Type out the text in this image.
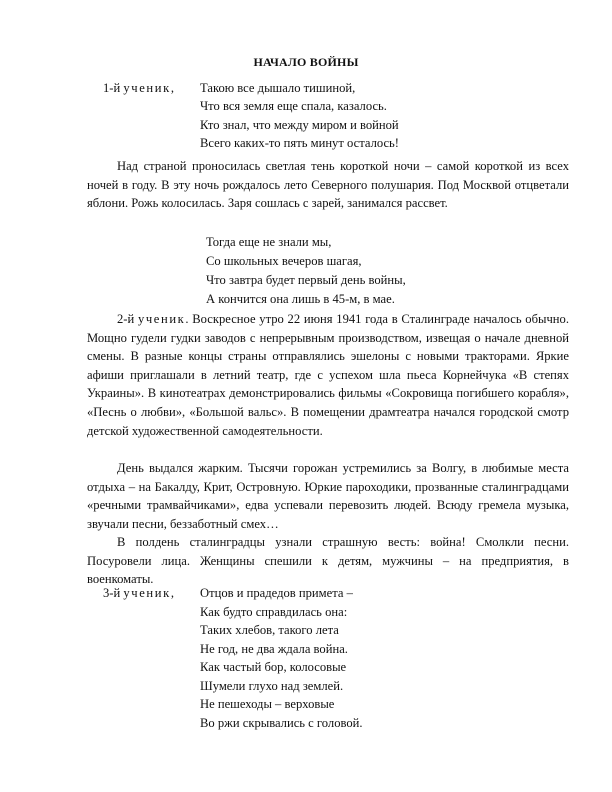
НАЧАЛО ВОЙНЫ
1-й ученик, Такою все дышало тишиной,
Что вся земля еще спала, казалось.
Кто знал, что между миром и войной
Всего каких-то пять минут осталось!

Над страной проносилась светлая тень короткой ночи – самой короткой из всех ночей в году. В эту ночь рождалось лето Северного полушария. Под Москвой отцветали яблони. Рожь колосилась. Заря сошлась с зарей, занимался рассвет.

Тогда еще не знали мы,
Со школьных вечеров шагая,
Что завтра будет первый день войны,
А кончится она лишь в 45-м, в мае.

2-й ученик. Воскресное утро 22 июня 1941 года в Сталинграде началось обычно. Мощно гудели гудки заводов с непрерывным производством, извещая о начале дневной смены. В разные концы страны отправлялись эшелоны с новыми тракторами. Яркие афиши приглашали в летний театр, где с успехом шла пьеса Корнейчука «В степях Украины». В кинотеатрах демонстрировались фильмы «Сокровища погибшего корабля», «Песнь о любви», «Большой вальс». В помещении драмтеатра начался городской смотр детской художественной самодеятельности.

День выдался жарким. Тысячи горожан устремились за Волгу, в любимые места отдыха – на Бакалду, Крит, Островную. Юркие пароходики, прозванные сталинградцами «речными трамвайчиками», едва успевали перевозить людей. Всюду гремела музыка, звучали песни, беззаботный смех…

В полдень сталинградцы узнали страшную весть: война! Смолкли песни. Посуровели лица. Женщины спешили к детям, мужчины – на предприятия, в военкоматы.

3-й ученик, Отцов и прадедов примета –
Как будто справдилась она:
Таких хлебов, такого лета
Не год, не два ждала война.
Как частый бор, колосовые
Шумели глухо над землей.
Не пешеходы – верховые
Во ржи скрывались с головой.
